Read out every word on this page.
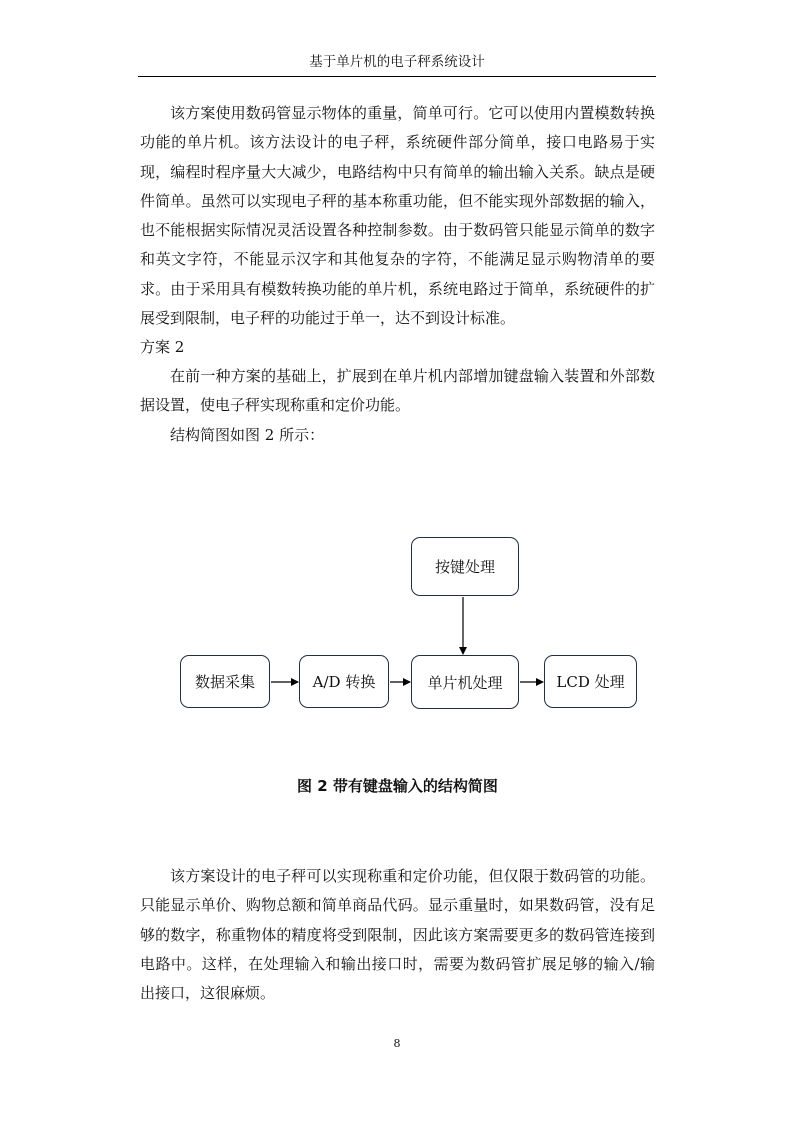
基于单片机的电子秤系统设计

该方案使用数码管显示物体的重量，简单可行。它可以使用内置模数转换功能的单片机。该方法设计的电子秤，系统硬件部分简单，接口电路易于实现，编程时程序量大大减少，电路结构中只有简单的输出输入关系。缺点是硬件简单。虽然可以实现电子秤的基本称重功能，但不能实现外部数据的输入，也不能根据实际情况灵活设置各种控制参数。由于数码管只能显示简单的数字和英文字符，不能显示汉字和其他复杂的字符，不能满足显示购物清单的要求。由于采用具有模数转换功能的单片机，系统电路过于简单，系统硬件的扩展受到限制，电子秤的功能过于单一，达不到设计标准。

方案 2

在前一种方案的基础上，扩展到在单片机内部增加键盘输入装置和外部数据设置，使电子秤实现称重和定价功能。

结构简图如图 2 所示：

按键处理
数据采集	A/D 转换	单片机处理	LCD 处理
图 2 带有键盘输入的结构简图

该方案设计的电子秤可以实现称重和定价功能，但仅限于数码管的功能。只能显示单价、购物总额和简单商品代码。显示重量时，如果数码管，没有足够的数字，称重物体的精度将受到限制，因此该方案需要更多的数码管连接到电路中。这样，在处理输入和输出接口时，需要为数码管扩展足够的输入/输出接口，这很麻烦。

8
